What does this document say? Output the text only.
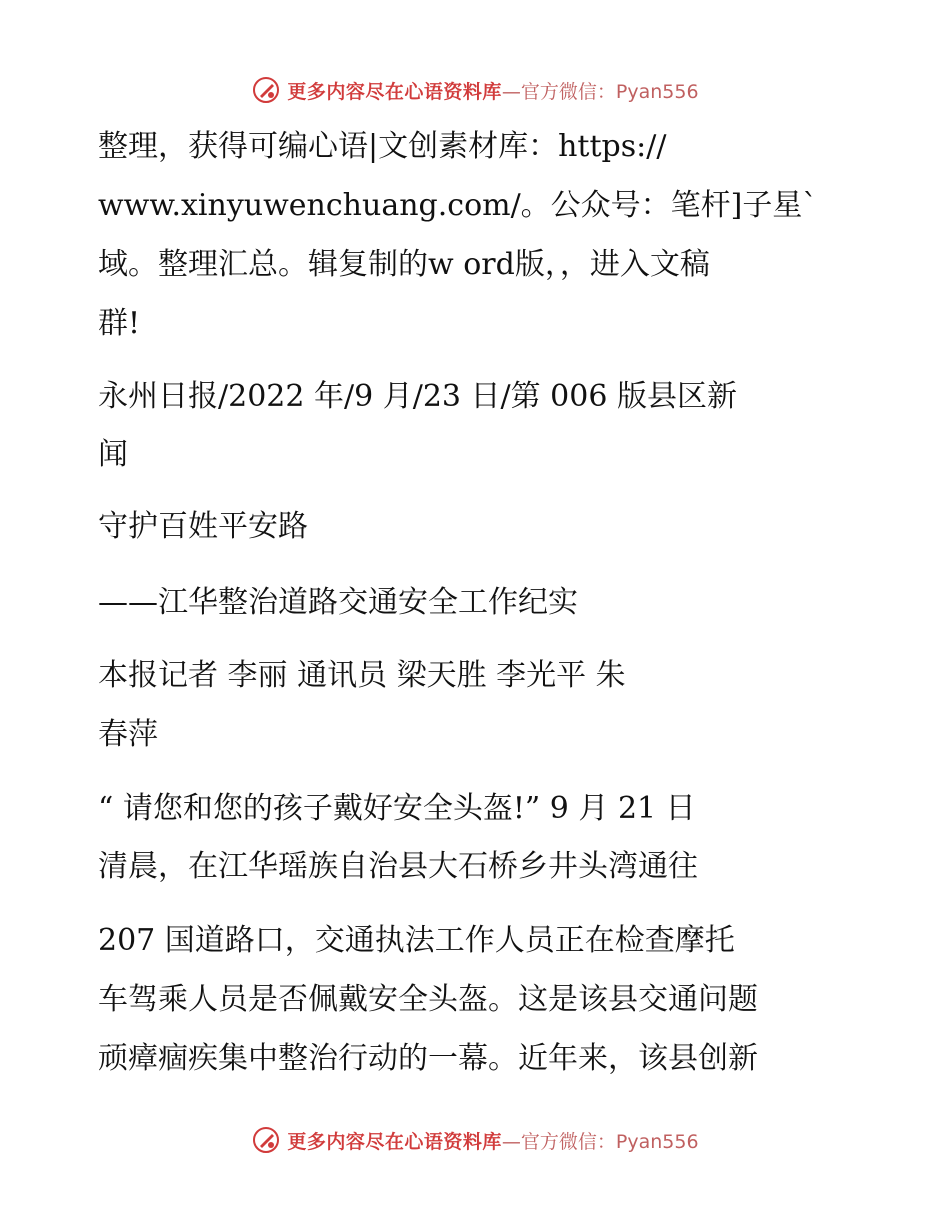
更多内容尽在心语资料库 —官方微信：Pyan556
整理，获得可编心语|文创素材库：https://
www.xinyuwenchuang.com/。公众号：笔杆]子星`
域。整理汇总。辑复制的w ord版，，进入文稿
群!
永州日报/2022 年/9 月/23 日/第 006 版县区新
闻
守护百姓平安路
——江华整治道路交通安全工作纪实
本报记者 李丽 通讯员 梁天胜 李光平 朱
春萍
“ 请您和您的孩子戴好安全头盔!” 9 月 21 日
清晨，在江华瑶族自治县大石桥乡井头湾通往
207 国道路口，交通执法工作人员正在检查摩托
车驾乘人员是否佩戴安全头盔。这是该县交通问题
顽瘴痼疾集中整治行动的一幕。近年来，该县创新
更多内容尽在心语资料库 —官方微信：Pyan556
